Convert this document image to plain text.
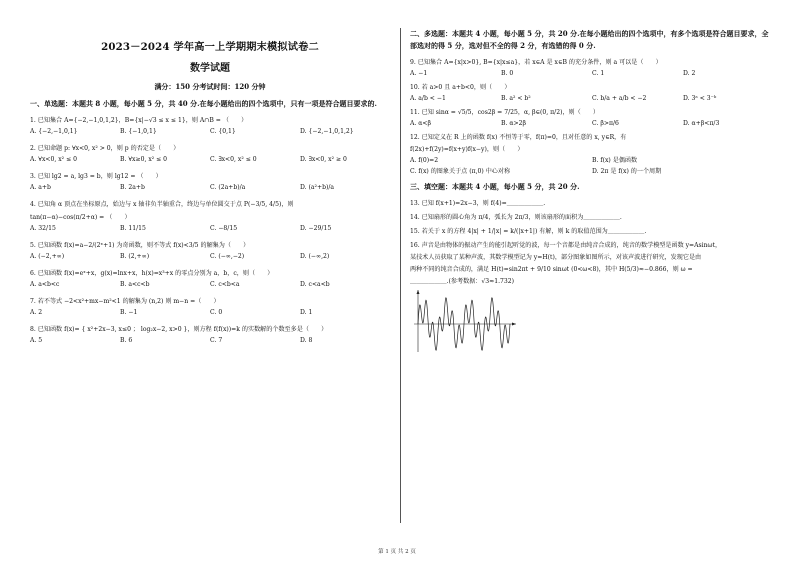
2023－2024 学年高一上学期期末模拟试卷二
数学试题
满分：150 分考试时间：120 分钟
一、单选题：本题共 8 小题，每小题 5 分，共 40 分.在每小题给出的四个选项中，只有一项是符合题目要求的.

1. 已知集合 A={−2,−1,0,1,2}，B={x|−√3 ≤ x ≤ 1}，则 A∩B = （　　）

A. {−2,−1,0,1}	B. {−1,0,1}	C. {0,1}	D. {−2,−1,0,1,2}

2. 已知命题 p: ∀x<0, x² > 0，则 p 的否定是（　　）

A. ∀x<0, x² ≤ 0	B. ∀x≥0, x² ≤ 0	C. ∃x<0, x² ≤ 0	D. ∃x<0, x² ≥ 0

3. 已知 lg2 = a, lg3 = b，则 lg12 = （　　）

A. a+b	B. 2a+b	C. (2a+b)/a	D. (a²+b)/a

4. 已知角 α 顶点在坐标原点，始边与 x 轴非负半轴重合，终边与单位圆交于点 P(−3/5, 4/5)，则

tan(π−α)−cos(π/2+α) = （　　）

A. 32/15	B. 11/15	C. −8/15	D. −29/15

5. 已知函数 f(x)=a−2/(2ˣ+1) 为奇函数，则不等式 f(x)<3/5 的解集为（　　）

A. (−2,+∞)	B. (2,+∞)	C. (−∞,−2)	D. (−∞,2)

6. 已知函数 f(x)=eˣ+x，g(x)=lnx+x，h(x)=x³+x 的零点分别为 a，b，c，则（　　）

A. a<b<c	B. a<c<b	C. c<b<a	D. c<a<b

7. 若不等式 −2<x²+mx−m²<1 的解集为 (n,2) 则 m−n =（　　）

A. 2	B. −1	C. 0	D. 1

8. 已知函数 f(x)= { x²+2x−3, x≤0 ； log₂x−2, x>0 }，则方程 f(f(x))=k 的实数解的个数至多是（　　）

A. 5	B. 6	C. 7	D. 8
二、多选题：本题共 4 小题，每小题 5 分，共 20 分.在每小题给出的四个选项中，有多个选项是符合题目要求，全部选对的得 5 分，选对但不全的得 2 分，有选错的得 0 分.

9. 已知集合 A={x|x>0}, B={x|x≤a}，若 x∈A 是 x∈B 的充分条件，则 a 可以是（　　）

A. −1	B. 0	C. 1	D. 2

10. 若 a>0 且 a+b<0，则（　　）

A. a/b < −1	B. a² < b²	C. b/a + a/b < −2	D. 3ᵃ < 3⁻ᵇ

11. 已知 sinα = √5/5，cos2β = 7/25，α, β∈(0, π/2)，则（　　）

A. α<β	B. α>2β	C. β>π/6	D. α+β<π/3

12. 已知定义在 R 上的函数 f(x) 不恒等于零，f(π)=0，且对任意的 x, y∈R，有

f(2x)+f(2y)=f(x+y)f(x−y)，则（　　）

A. f(0)=2	B. f(x) 是偶函数
C. f(x) 的图象关于点 (π,0) 中心对称	D. 2π 是 f(x) 的一个周期
三、填空题：本题共 4 小题，每小题 5 分，共 20 分.

13. 已知 f(x+1)=2x−3，则 f(4)=＿＿＿＿＿＿.

14. 已知扇形的圆心角为 π/4，弧长为 2π/3，则该扇形的面积为＿＿＿＿＿＿.

15. 若关于 x 的方程 4|x| + 1/|x| = k/(|x+1|) 有解，则 k 的取值范围为＿＿＿＿＿＿.

16. 声音是由物体的振动产生的能引起听觉的波，每一个音都是由纯音合成的，纯音的数学模型是函数 y=Asinωt，

某技术人员获取了某种声波，其数学模型记为 y=H(t)，部分图象如图所示，对该声波进行研究，发现它是由

两种不同的纯音合成的，满足 H(t)=sin2πt + 9/10 sinωt (0<ω<8)，其中 H(5/3)≈−0.866，则 ω =

＿＿＿＿＿＿.(参考数据：√3≈1.732)

第 1 页 共 2 页
